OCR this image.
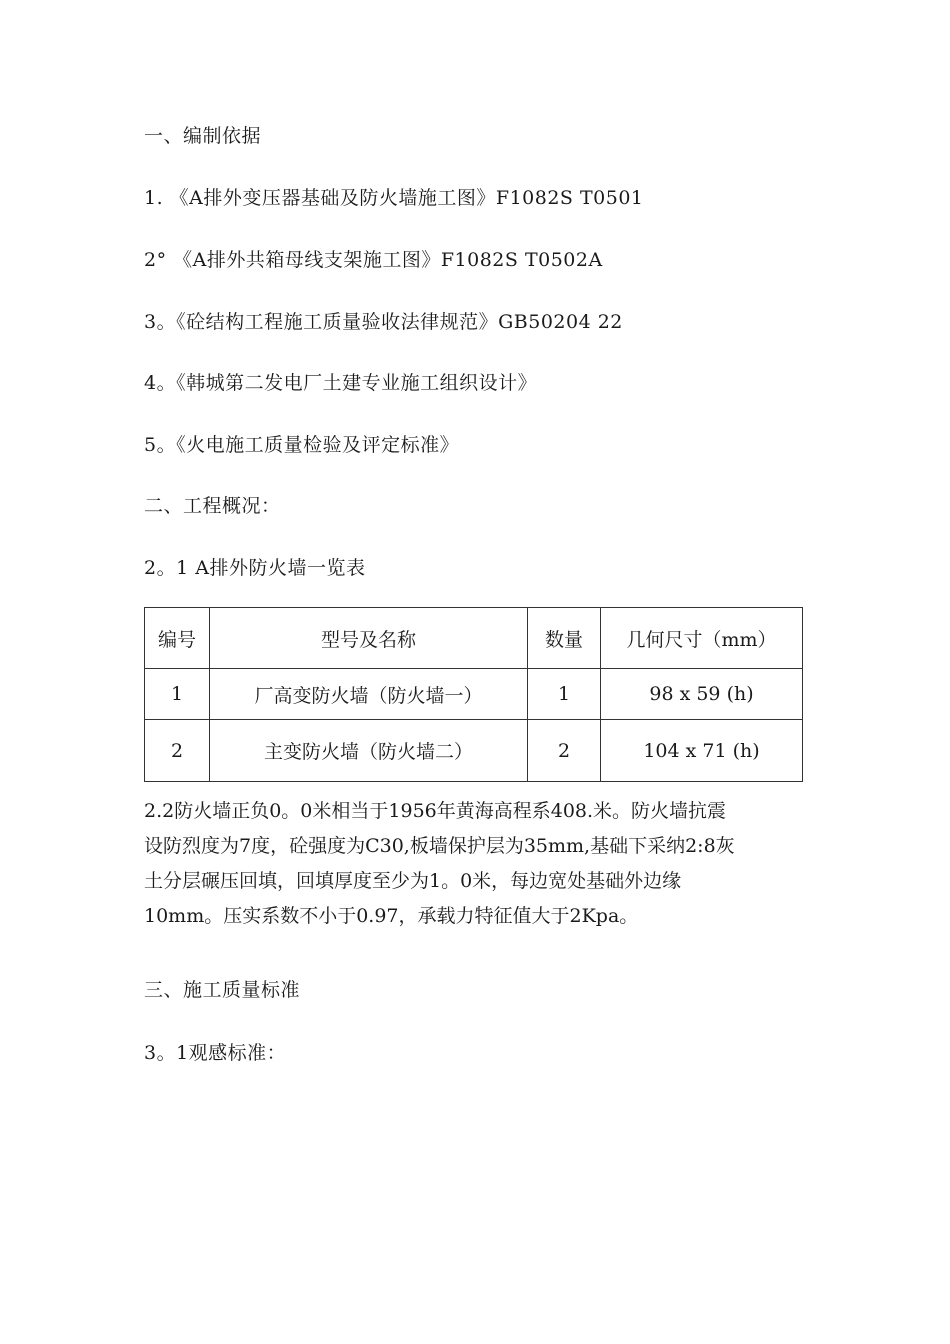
一、编制依据
1. 《A排外变压器基础及防火墙施工图》F1082S T0501
2° 《A排外共箱母线支架施工图》F1082S T0502A
3。《砼结构工程施工质量验收法律规范》GB50204 22
4。《韩城第二发电厂土建专业施工组织设计》
5。《火电施工质量检验及评定标准》
二、工程概况：
2。1 A排外防火墙一览表
编号	型号及名称	数量	几何尺寸（mm）
1	厂高变防火墙（防火墙一）	1	98 x 59 (h)
2	主变防火墙（防火墙二）	2	104 x 71 (h)
2.2防火墙正负0。0米相当于1956年黄海高程系408.米。防火墙抗震
设防烈度为7度，砼强度为C30,板墙保护层为35mm,基础下采纳2:8灰
土分层碾压回填，回填厚度至少为1。0米，每边宽处基础外边缘
10mm。压实系数不小于0.97，承载力特征值大于2Kpa。
三、施工质量标准
3。1观感标准：
